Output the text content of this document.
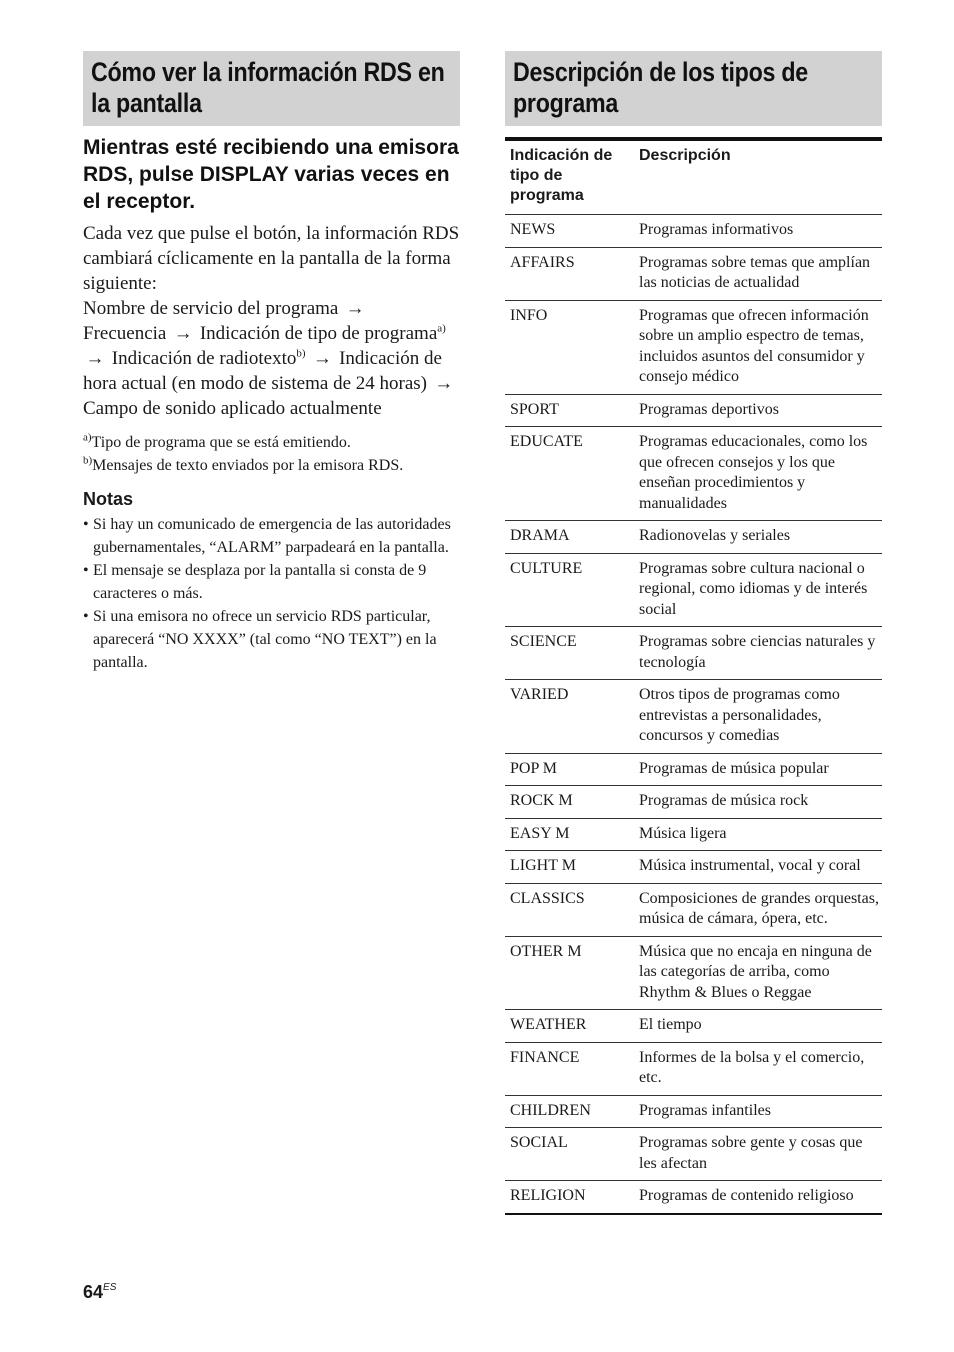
Cómo ver la información RDS en
la pantalla
Mientras esté recibiendo una emisora RDS, pulse DISPLAY varias veces en el receptor.
Cada vez que pulse el botón, la información RDS cambiará cíclicamente en la pantalla de la forma siguiente:
Nombre de servicio del programa →
Frecuencia → Indicación de tipo de programa$^{a)}$ → Indicación de radiotexto$^{b)}$ → Indicación de hora actual (en modo de sistema de 24 horas) → Campo de sonido aplicado actualmente
$^{a)}$Tipo de programa que se está emitiendo.
$^{b)}$Mensajes de texto enviados por la emisora RDS.
Notas
• Si hay un comunicado de emergencia de las autoridades gubernamentales, “ALARM” parpadeará en la pantalla.
• El mensaje se desplaza por la pantalla si consta de 9 caracteres o más.
• Si una emisora no ofrece un servicio RDS particular, aparecerá “NO XXXX” (tal como “NO TEXT”) en la pantalla.
Descripción de los tipos de
programa
Indicación de tipo de programa	Descripción
NEWS	Programas informativos
AFFAIRS	Programas sobre temas que amplían las noticias de actualidad
INFO	Programas que ofrecen información sobre un amplio espectro de temas, incluidos asuntos del consumidor y consejo médico
SPORT	Programas deportivos
EDUCATE	Programas educacionales, como los que ofrecen consejos y los que enseñan procedimientos y manualidades
DRAMA	Radionovelas y seriales
CULTURE	Programas sobre cultura nacional o regional, como idiomas y de interés social
SCIENCE	Programas sobre ciencias naturales y tecnología
VARIED	Otros tipos de programas como entrevistas a personalidades, concursos y comedias
POP M	Programas de música popular
ROCK M	Programas de música rock
EASY M	Música ligera
LIGHT M	Música instrumental, vocal y coral
CLASSICS	Composiciones de grandes orquestas, música de cámara, ópera, etc.
OTHER M	Música que no encaja en ninguna de las categorías de arriba, como Rhythm & Blues o Reggae
WEATHER	El tiempo
FINANCE	Informes de la bolsa y el comercio, etc.
CHILDREN	Programas infantiles
SOCIAL	Programas sobre gente y cosas que les afectan
RELIGION	Programas de contenido religioso
$64^{ES}$
